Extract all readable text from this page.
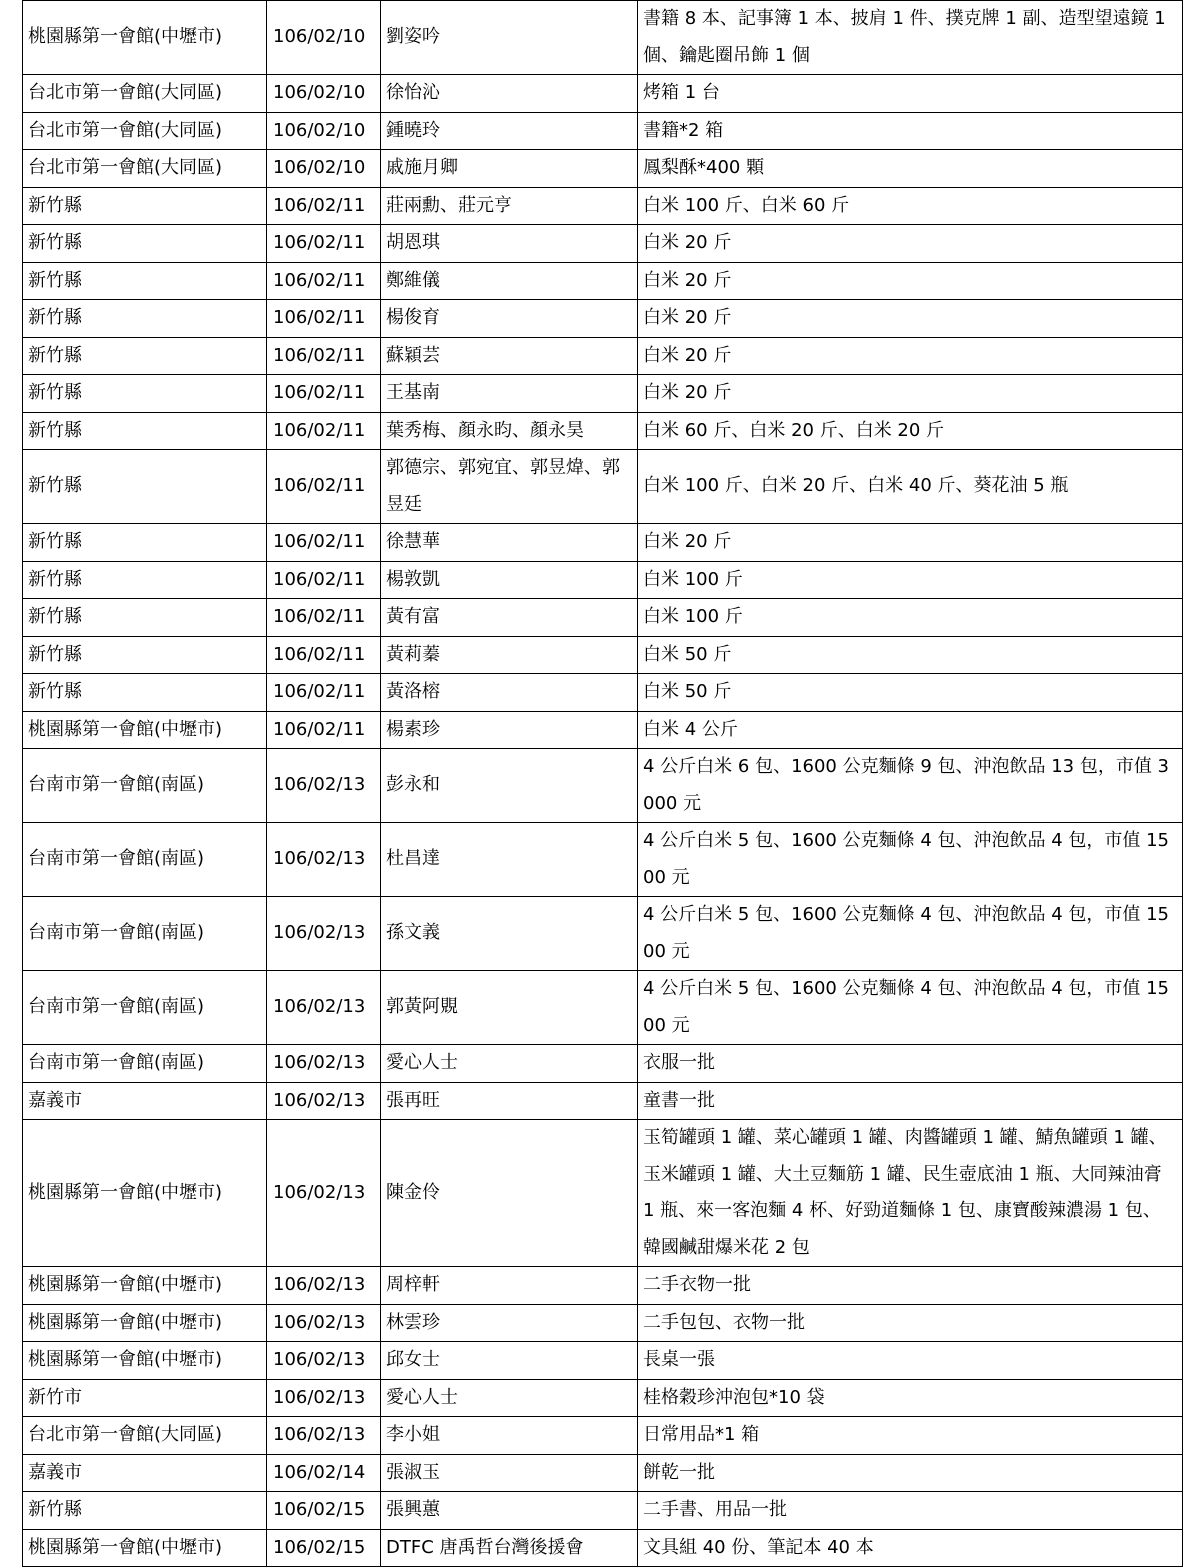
桃園縣第一會館(中壢市)	106/02/10	劉姿吟	書籍 8 本、記事簿 1 本、披肩 1 件、撲克牌 1 副、造型望遠鏡 1 個、鑰匙圈吊飾 1 個
台北市第一會館(大同區)	106/02/10	徐怡沁	烤箱 1 台
台北市第一會館(大同區)	106/02/10	鍾曉玲	書籍*2 箱
台北市第一會館(大同區)	106/02/10	戚施月卿	鳳梨酥*400 顆
新竹縣	106/02/11	莊兩勳、莊元亨	白米 100 斤、白米 60 斤
新竹縣	106/02/11	胡恩琪	白米 20 斤
新竹縣	106/02/11	鄭維儀	白米 20 斤
新竹縣	106/02/11	楊俊育	白米 20 斤
新竹縣	106/02/11	蘇穎芸	白米 20 斤
新竹縣	106/02/11	王基南	白米 20 斤
新竹縣	106/02/11	葉秀梅、顏永昀、顏永昊	白米 60 斤、白米 20 斤、白米 20 斤
新竹縣	106/02/11	郭德宗、郭宛宜、郭昱煒、郭昱廷	白米 100 斤、白米 20 斤、白米 40 斤、葵花油 5 瓶
新竹縣	106/02/11	徐慧華	白米 20 斤
新竹縣	106/02/11	楊敦凱	白米 100 斤
新竹縣	106/02/11	黃有富	白米 100 斤
新竹縣	106/02/11	黃莉蓁	白米 50 斤
新竹縣	106/02/11	黃洛榕	白米 50 斤
桃園縣第一會館(中壢市)	106/02/11	楊素珍	白米 4 公斤
台南市第一會館(南區)	106/02/13	彭永和	4 公斤白米 6 包、1600 公克麵條 9 包、沖泡飲品 13 包，市值 3000 元
台南市第一會館(南區)	106/02/13	杜昌達	4 公斤白米 5 包、1600 公克麵條 4 包、沖泡飲品 4 包，市值 1500 元
台南市第一會館(南區)	106/02/13	孫文義	4 公斤白米 5 包、1600 公克麵條 4 包、沖泡飲品 4 包，市值 1500 元
台南市第一會館(南區)	106/02/13	郭黃阿覞	4 公斤白米 5 包、1600 公克麵條 4 包、沖泡飲品 4 包，市值 1500 元
台南市第一會館(南區)	106/02/13	愛心人士	衣服一批
嘉義市	106/02/13	張再旺	童書一批
桃園縣第一會館(中壢市)	106/02/13	陳金伶	玉筍罐頭 1 罐、菜心罐頭 1 罐、肉醬罐頭 1 罐、鯖魚罐頭 1 罐、玉米罐頭 1 罐、大土豆麵筋 1 罐、民生壺底油 1 瓶、大同辣油膏 1 瓶、來一客泡麵 4 杯、好勁道麵條 1 包、康寶酸辣濃湯 1 包、韓國鹹甜爆米花 2 包
桃園縣第一會館(中壢市)	106/02/13	周梓軒	二手衣物一批
桃園縣第一會館(中壢市)	106/02/13	林雲珍	二手包包、衣物一批
桃園縣第一會館(中壢市)	106/02/13	邱女士	長桌一張
新竹市	106/02/13	愛心人士	桂格穀珍沖泡包*10 袋
台北市第一會館(大同區)	106/02/13	李小姐	日常用品*1 箱
嘉義市	106/02/14	張淑玉	餅乾一批
新竹縣	106/02/15	張興蕙	二手書、用品一批
桃園縣第一會館(中壢市)	106/02/15	DTFC 唐禹哲台灣後援會	文具組 40 份、筆記本 40 本
